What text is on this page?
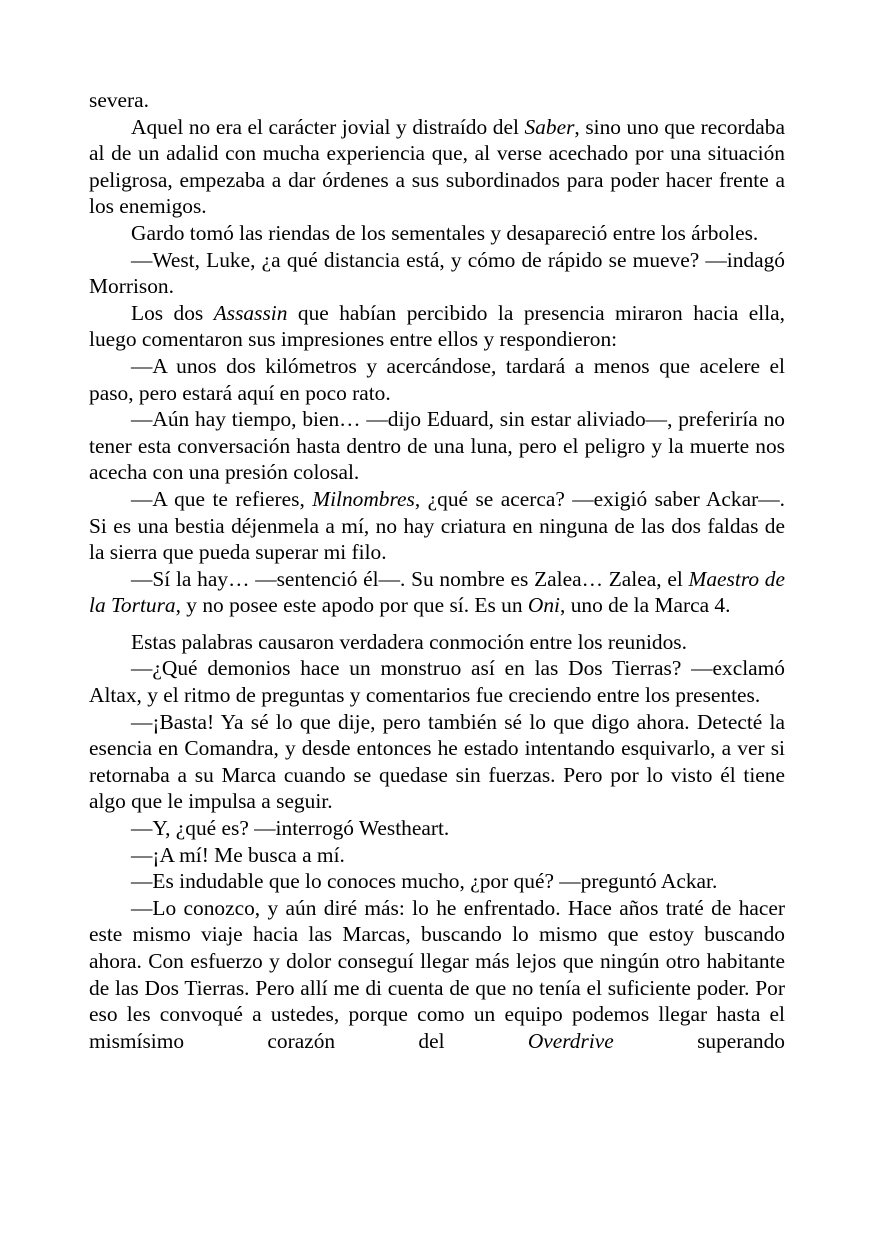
severa.

Aquel no era el carácter jovial y distraído del Saber, sino uno que recordaba al de un adalid con mucha experiencia que, al verse acechado por una situación peligrosa, empezaba a dar órdenes a sus subordinados para poder hacer frente a los enemigos.

Gardo tomó las riendas de los sementales y desapareció entre los árboles.

—West, Luke, ¿a qué distancia está, y cómo de rápido se mueve? —indagó Morrison.

Los dos Assassin que habían percibido la presencia miraron hacia ella, luego comentaron sus impresiones entre ellos y respondieron:

—A unos dos kilómetros y acercándose, tardará a menos que acelere el paso, pero estará aquí en poco rato.

—Aún hay tiempo, bien… —dijo Eduard, sin estar aliviado—, preferiría no tener esta conversación hasta dentro de una luna, pero el peligro y la muerte nos acecha con una presión colosal.

—A que te refieres, Milnombres, ¿qué se acerca? —exigió saber Ackar—. Si es una bestia déjenmela a mí, no hay criatura en ninguna de las dos faldas de la sierra que pueda superar mi filo.

—Sí la hay… —sentenció él—. Su nombre es Zalea… Zalea, el Maestro de la Tortura, y no posee este apodo por que sí. Es un Oni, uno de la Marca 4.

Estas palabras causaron verdadera conmoción entre los reunidos.

—¿Qué demonios hace un monstruo así en las Dos Tierras? —exclamó Altax, y el ritmo de preguntas y comentarios fue creciendo entre los presentes.

—¡Basta! Ya sé lo que dije, pero también sé lo que digo ahora. Detecté la esencia en Comandra, y desde entonces he estado intentando esquivarlo, a ver si retornaba a su Marca cuando se quedase sin fuerzas. Pero por lo visto él tiene algo que le impulsa a seguir.

—Y, ¿qué es? —interrogó Westheart.

—¡A mí! Me busca a mí.

—Es indudable que lo conoces mucho, ¿por qué? —preguntó Ackar.

—Lo conozco, y aún diré más: lo he enfrentado. Hace años traté de hacer este mismo viaje hacia las Marcas, buscando lo mismo que estoy buscando ahora. Con esfuerzo y dolor conseguí llegar más lejos que ningún otro habitante de las Dos Tierras. Pero allí me di cuenta de que no tenía el suficiente poder. Por eso les convoqué a ustedes, porque como un equipo podemos llegar hasta el mismísimo corazón del Overdrive superando
